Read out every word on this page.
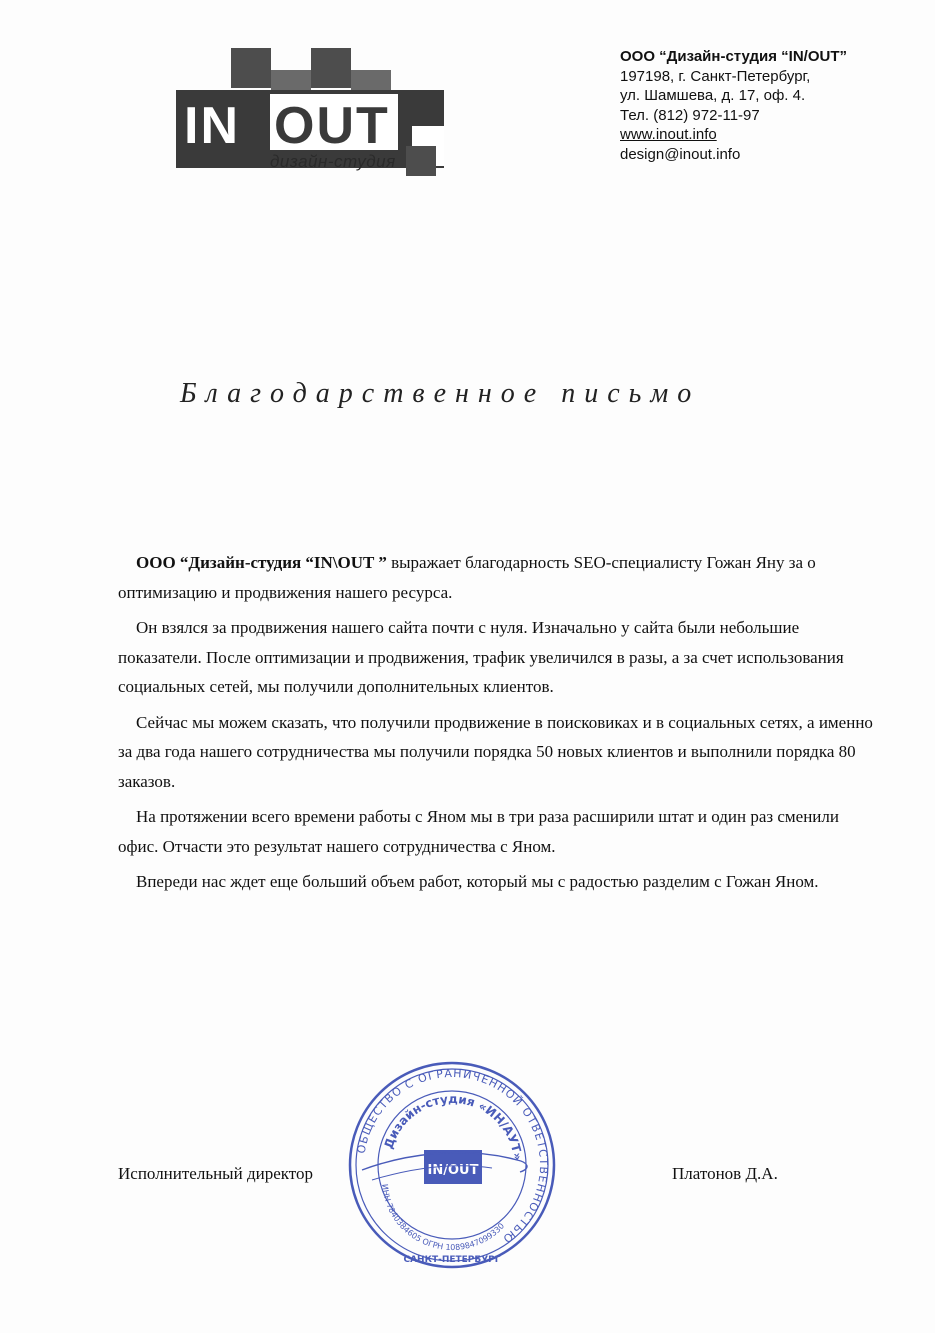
IN OUT
дизайн-студия
ООО “Дизайн-студия “IN/OUT”
197198, г. Санкт-Петербург,
ул. Шамшева, д. 17, оф. 4.
Тел. (812) 972-11-97
www.inout.info
design@inout.info
Благодарственное письмо

ООО “Дизайн-студия “IN\OUT ” выражает благодарность SEO-специалисту Гожан Яну за о оптимизацию и продвижения нашего ресурса.

Он взялся за продвижения нашего сайта почти с нуля. Изначально у сайта были небольшие показатели. После оптимизации и продвижения, трафик увеличился в разы, а за счет использования социальных сетей, мы получили дополнительных клиентов.

Сейчас мы можем сказать, что получили продвижение в поисковиках и в социальных сетях, а именно за два года нашего сотрудничества мы получили порядка 50 новых клиентов и выполнили порядка 80 заказов.

На протяжении всего времени работы с Яном мы в три раза расширили штат и один раз сменили офис. Отчасти это результат нашего сотрудничества с Яном.

Впереди нас ждет еще больший объем работ, который мы с радостью разделим с Гожан Яном.

Исполнительный директор	Платонов Д.А.
ОБЩЕСТВО С ОГРАНИЧЕННОЙ ОТВЕТСТВЕННОСТЬЮ
Дизайн-студия «ИН/АУТ»
ИНН 7840384605 ОГРН 1089847099330
САНКТ-ПЕТЕРБУРГ
IN/OUT
